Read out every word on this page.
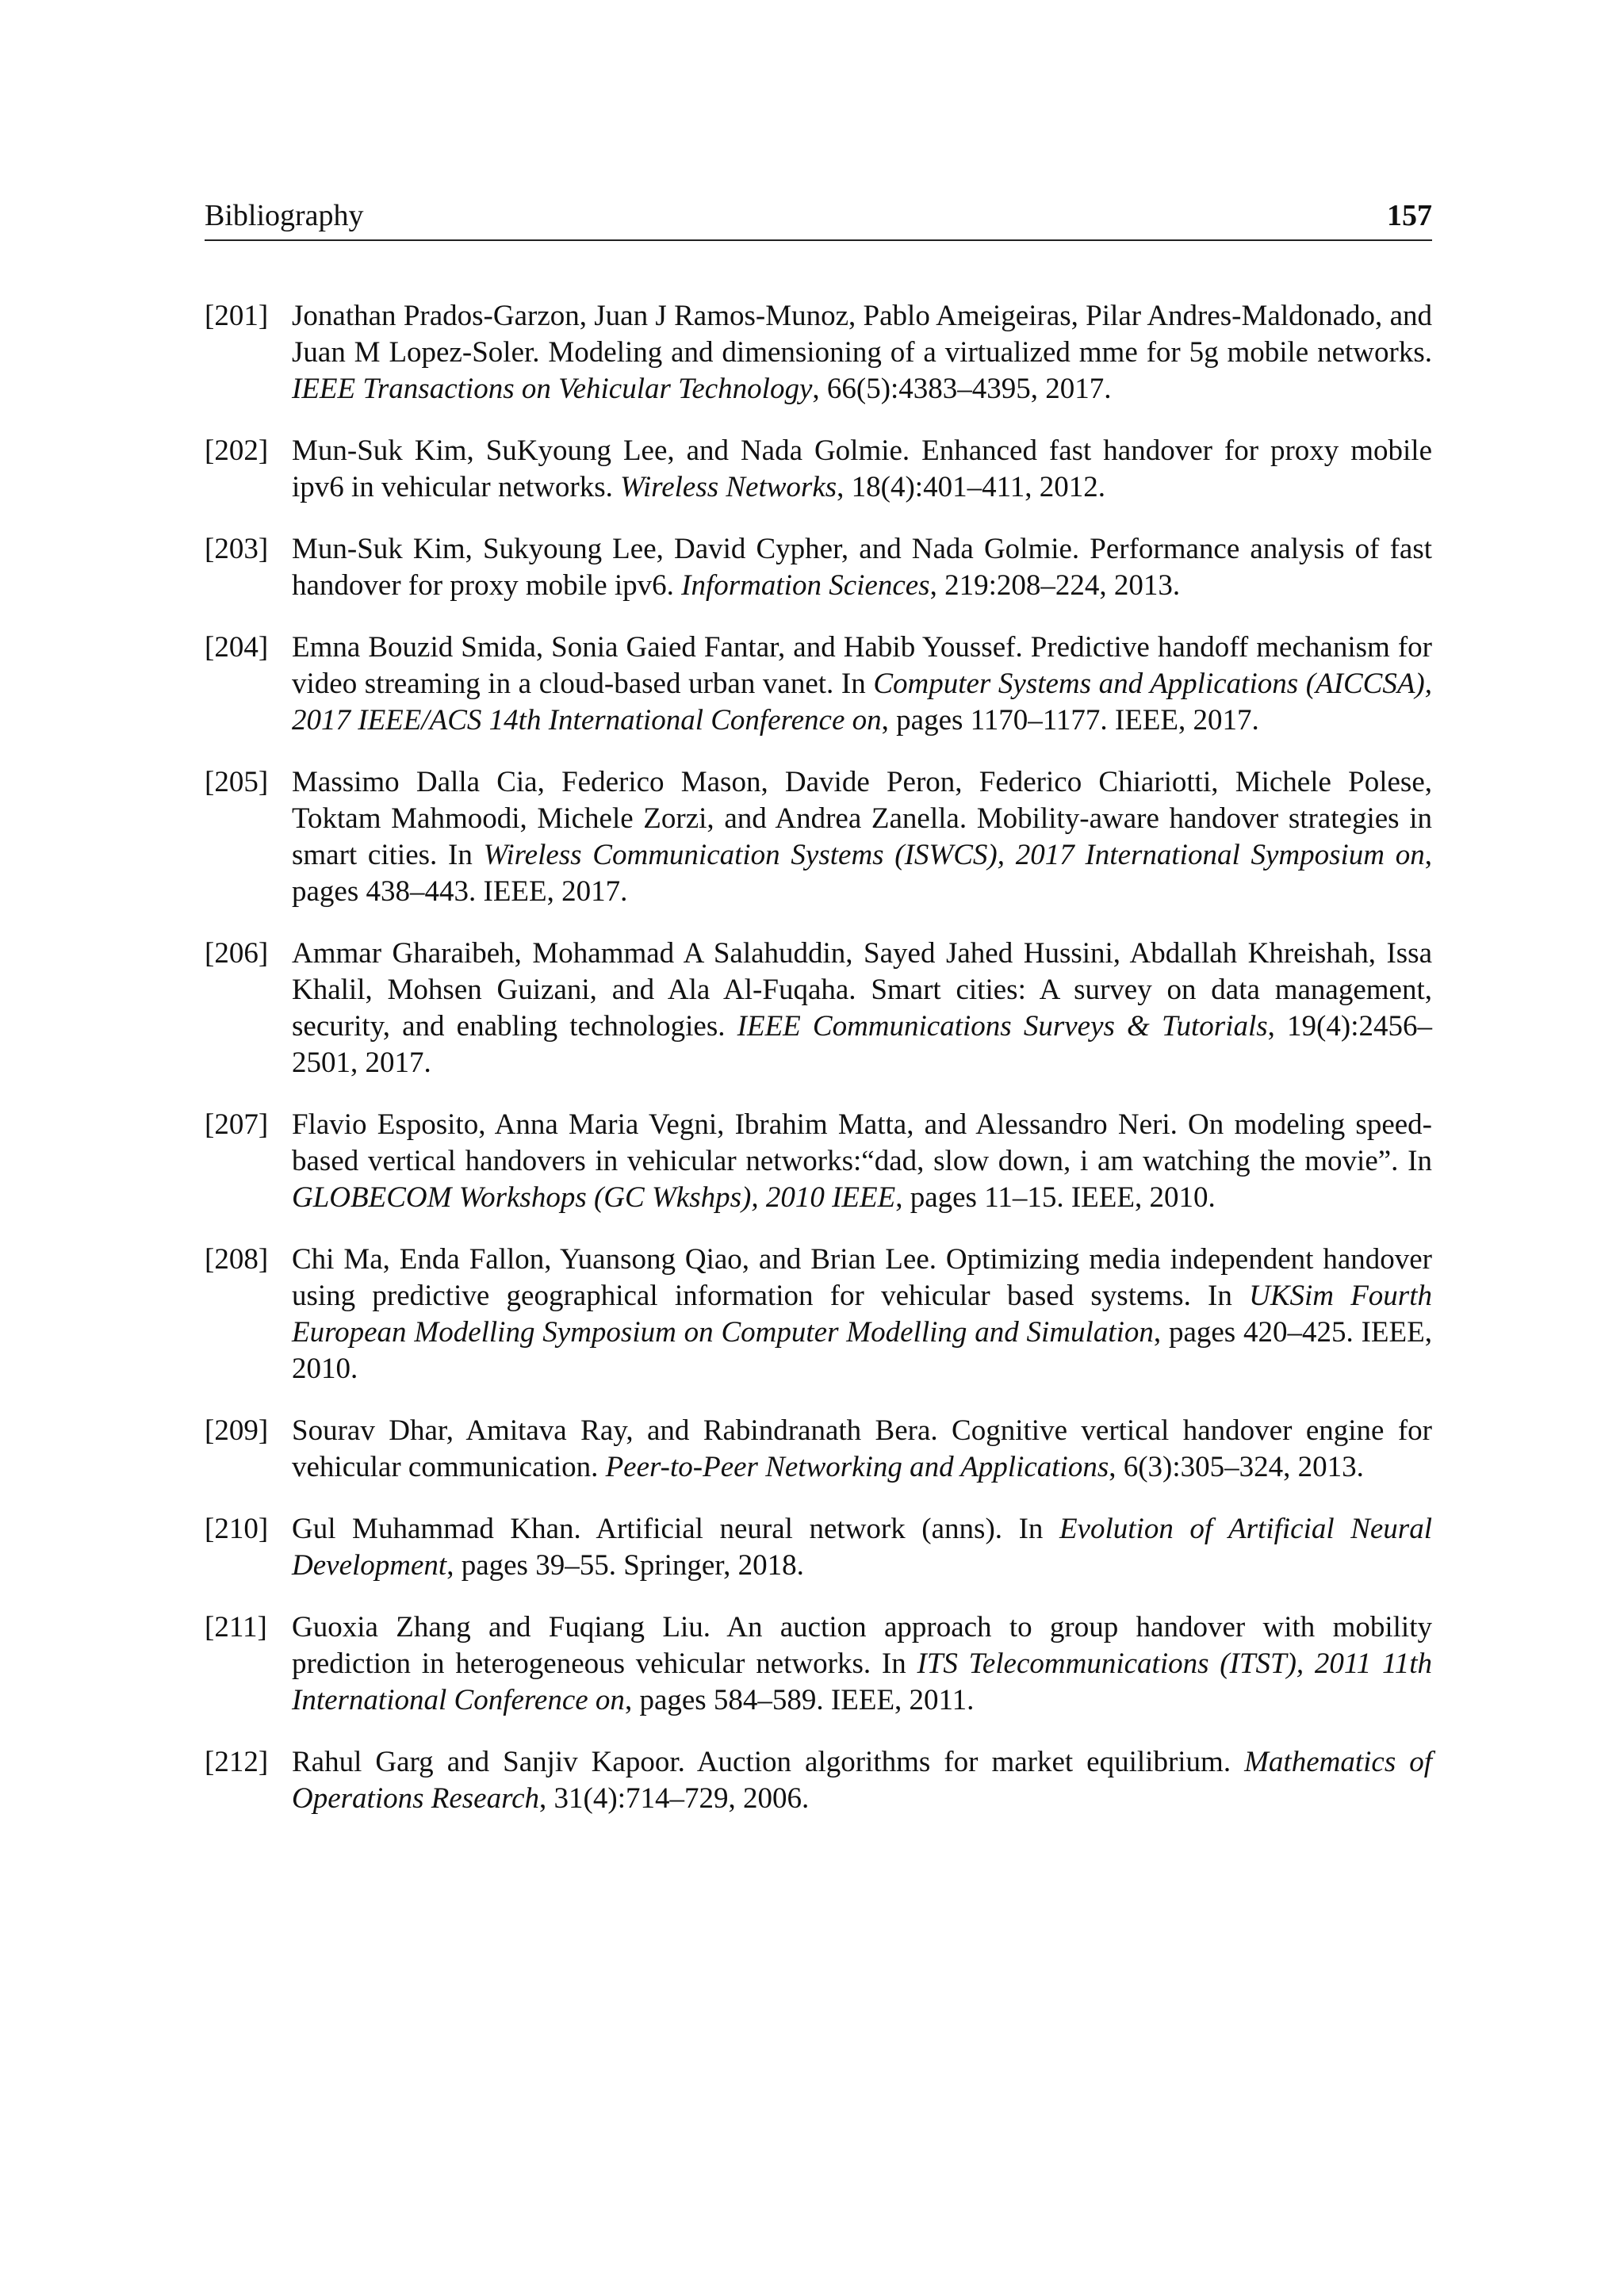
Bibliography	157
[201] Jonathan Prados-Garzon, Juan J Ramos-Munoz, Pablo Ameigeiras, Pilar Andres-Maldonado, and Juan M Lopez-Soler. Modeling and dimensioning of a virtualized mme for 5g mobile networks. IEEE Transactions on Vehicular Technology, 66(5):4383–4395, 2017.
[202] Mun-Suk Kim, SuKyoung Lee, and Nada Golmie. Enhanced fast handover for proxy mobile ipv6 in vehicular networks. Wireless Networks, 18(4):401–411, 2012.
[203] Mun-Suk Kim, Sukyoung Lee, David Cypher, and Nada Golmie. Performance analysis of fast handover for proxy mobile ipv6. Information Sciences, 219:208–224, 2013.
[204] Emna Bouzid Smida, Sonia Gaied Fantar, and Habib Youssef. Predictive handoff mechanism for video streaming in a cloud-based urban vanet. In Computer Systems and Applications (AICCSA), 2017 IEEE/ACS 14th International Conference on, pages 1170–1177. IEEE, 2017.
[205] Massimo Dalla Cia, Federico Mason, Davide Peron, Federico Chiariotti, Michele Polese, Toktam Mahmoodi, Michele Zorzi, and Andrea Zanella. Mobility-aware handover strategies in smart cities. In Wireless Communication Systems (ISWCS), 2017 International Symposium on, pages 438–443. IEEE, 2017.
[206] Ammar Gharaibeh, Mohammad A Salahuddin, Sayed Jahed Hussini, Abdallah Khreishah, Issa Khalil, Mohsen Guizani, and Ala Al-Fuqaha. Smart cities: A survey on data management, security, and enabling technologies. IEEE Communications Surveys & Tutorials, 19(4):2456–2501, 2017.
[207] Flavio Esposito, Anna Maria Vegni, Ibrahim Matta, and Alessandro Neri. On modeling speed-based vertical handovers in vehicular networks:“dad, slow down, i am watching the movie”. In GLOBECOM Workshops (GC Wkshps), 2010 IEEE, pages 11–15. IEEE, 2010.
[208] Chi Ma, Enda Fallon, Yuansong Qiao, and Brian Lee. Optimizing media independent handover using predictive geographical information for vehicular based systems. In UKSim Fourth European Modelling Symposium on Computer Modelling and Simulation, pages 420–425. IEEE, 2010.
[209] Sourav Dhar, Amitava Ray, and Rabindranath Bera. Cognitive vertical handover engine for vehicular communication. Peer-to-Peer Networking and Applications, 6(3):305–324, 2013.
[210] Gul Muhammad Khan. Artificial neural network (anns). In Evolution of Artificial Neural Development, pages 39–55. Springer, 2018.
[211] Guoxia Zhang and Fuqiang Liu. An auction approach to group handover with mobility prediction in heterogeneous vehicular networks. In ITS Telecommunications (ITST), 2011 11th International Conference on, pages 584–589. IEEE, 2011.
[212] Rahul Garg and Sanjiv Kapoor. Auction algorithms for market equilibrium. Mathematics of Operations Research, 31(4):714–729, 2006.
